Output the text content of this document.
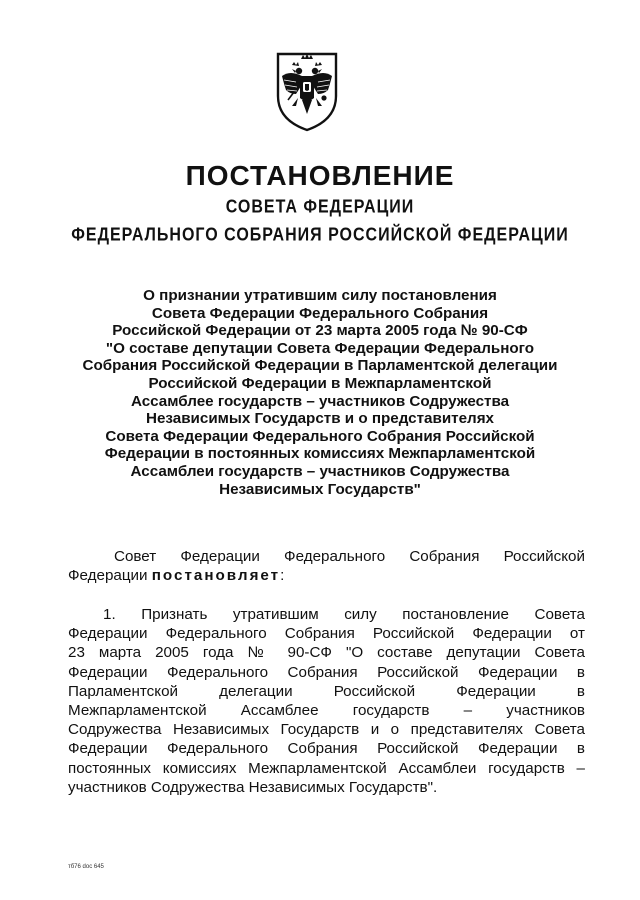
ПОСТАНОВЛЕНИЕ
СОВЕТА ФЕДЕРАЦИИ
ФЕДЕРАЛЬНОГО СОБРАНИЯ РОССИЙСКОЙ ФЕДЕРАЦИИ
О признании утратившим силу постановления
Совета Федерации Федерального Собрания
Российской Федерации от 23 марта 2005 года № 90-СФ
"О составе депутации Совета Федерации Федерального
Собрания Российской Федерации в Парламентской делегации
Российской Федерации в Межпарламентской
Ассамблее государств – участников Содружества
Независимых Государств и о представителях
Совета Федерации Федерального Собрания Российской
Федерации в постоянных комиссиях Межпарламентской
Ассамблеи государств – участников Содружества
Независимых Государств"
Совет Федерации Федерального Собрания Российской
Федерации постановляет:
1. Признать утратившим силу постановление Совета
Федерации Федерального Собрания Российской Федерации от
23 марта 2005 года № 90-СФ "О составе депутации Совета
Федерации Федерального Собрания Российской Федерации в
Парламентской делегации Российской Федерации в
Межпарламентской Ассамблее государств – участников
Содружества Независимых Государств и о представителях Совета
Федерации Федерального Собрания Российской Федерации в
постоянных комиссиях Межпарламентской Ассамблеи государств –
участников Содружества Независимых Государств".
тб76 doc 645
